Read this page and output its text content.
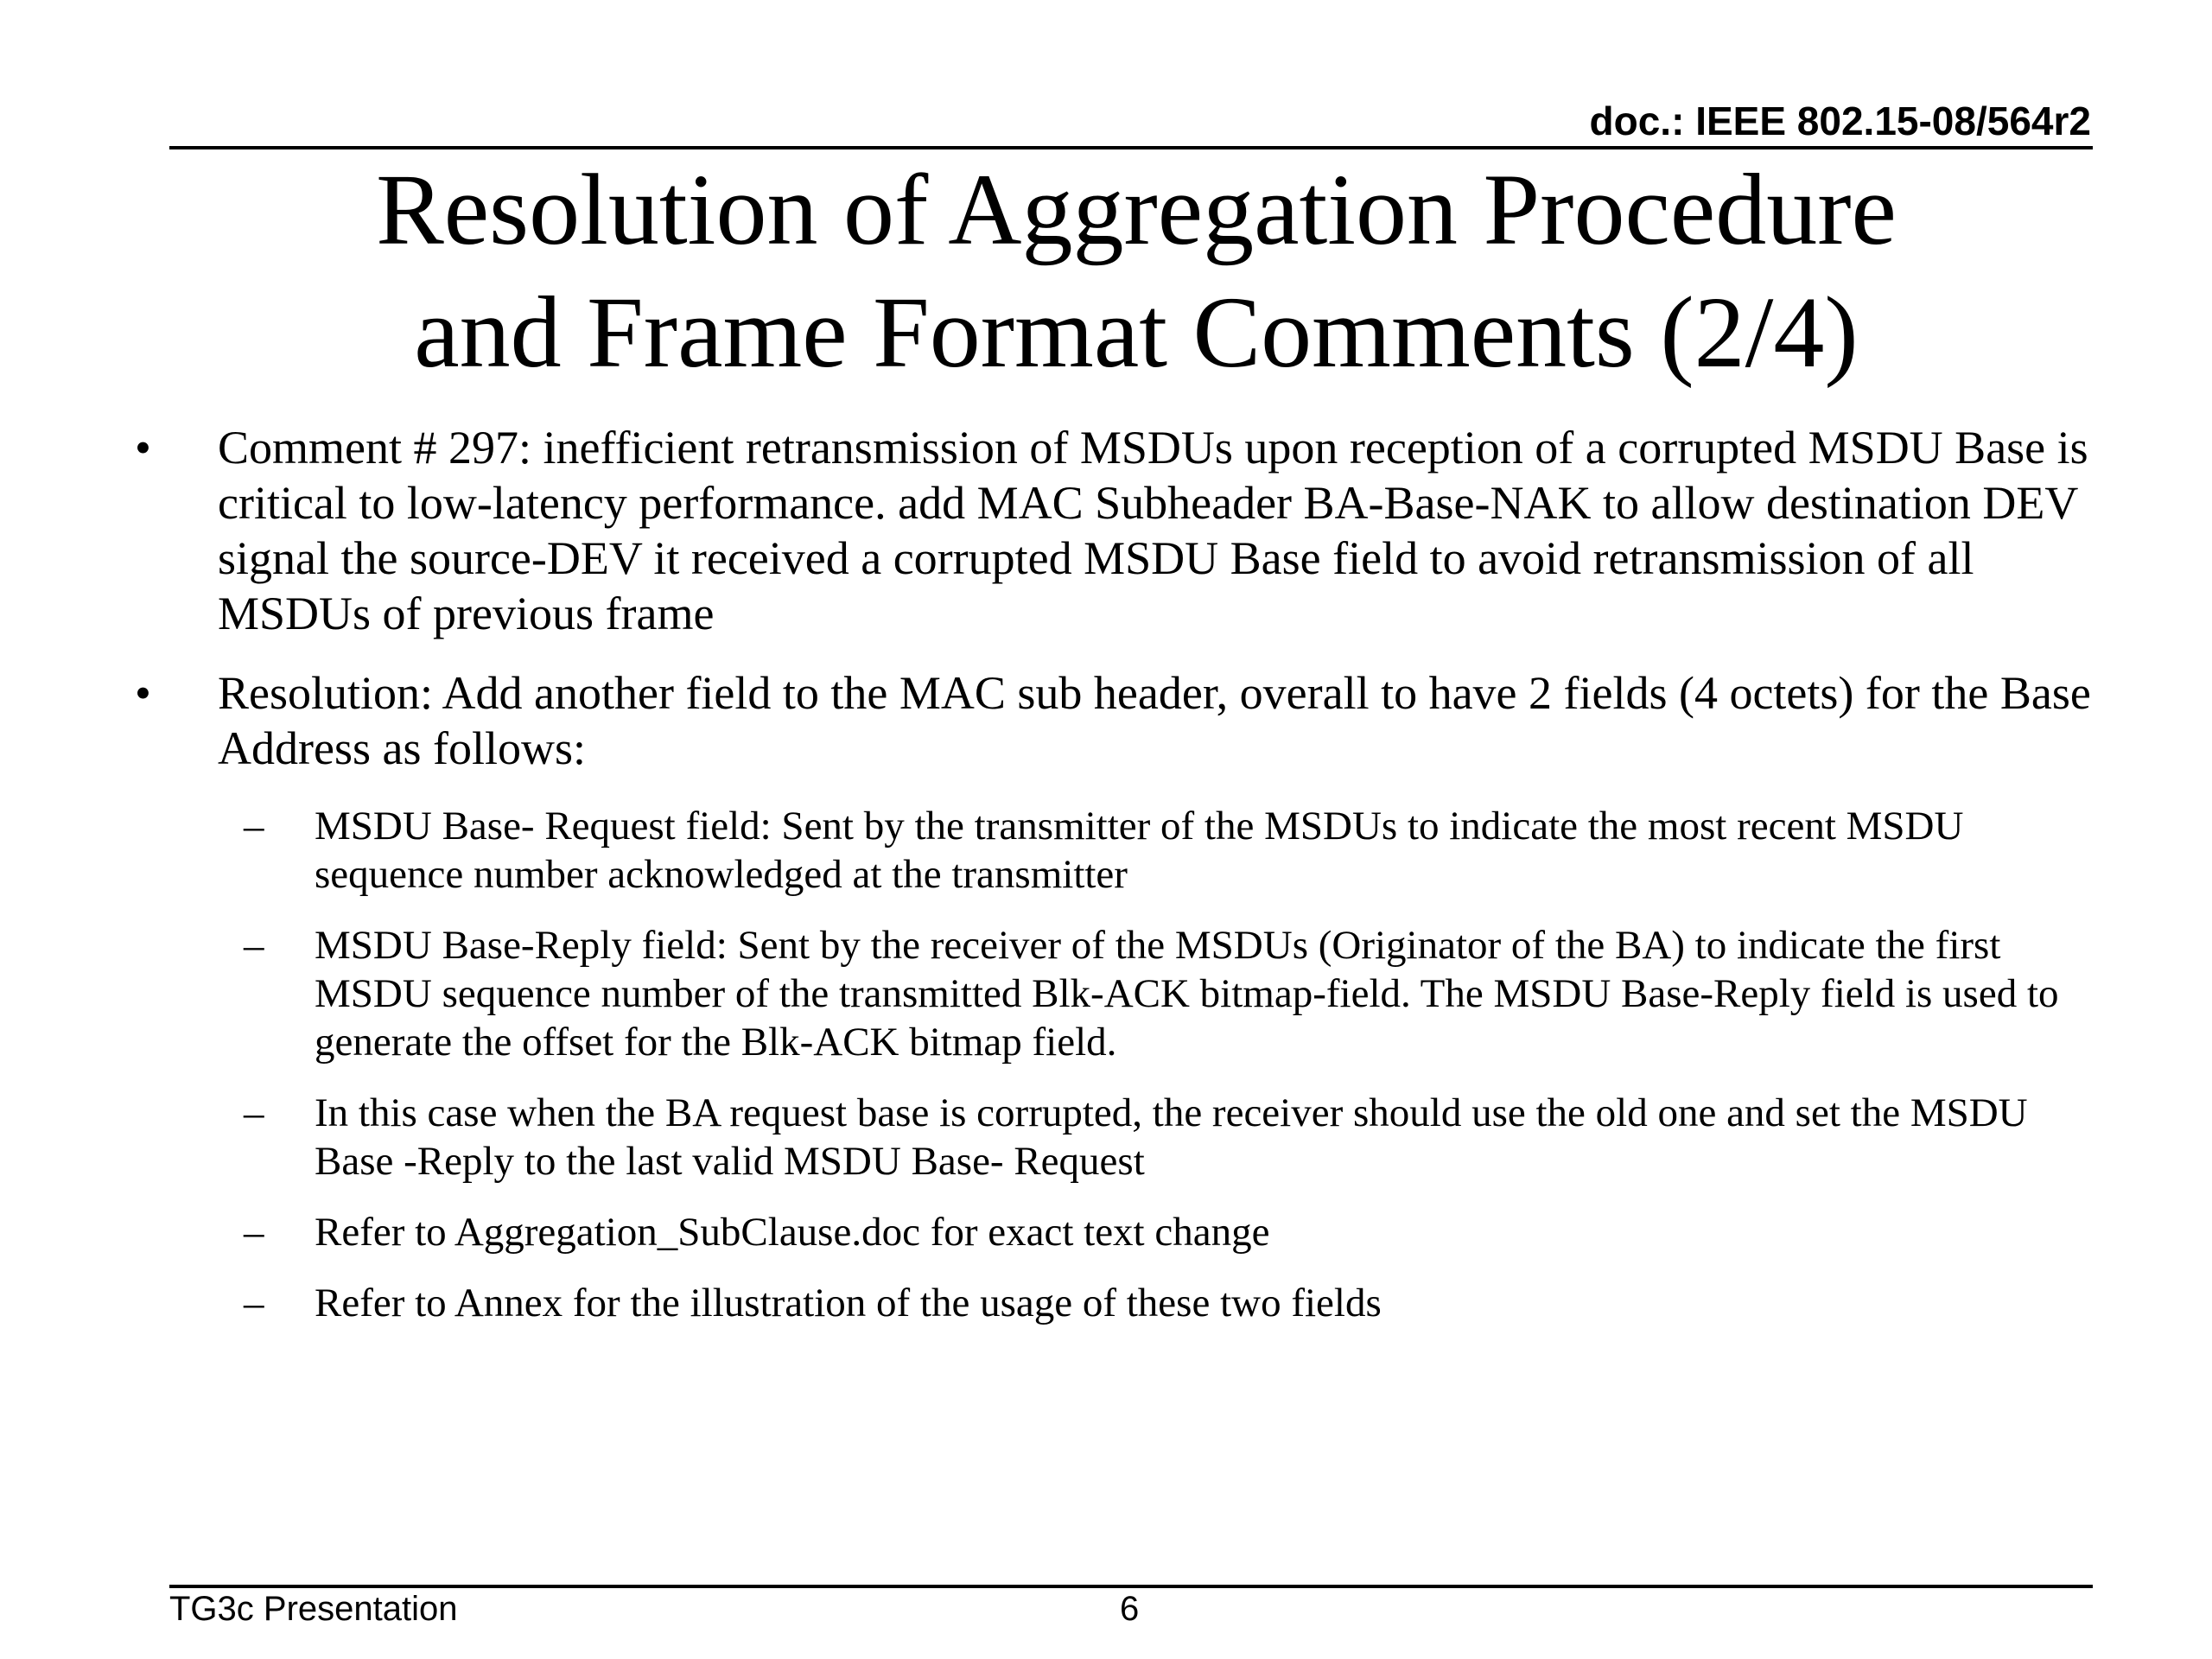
doc.: IEEE 802.15-08/564r2
Resolution of Aggregation Procedure
and Frame Format Comments (2/4)
• Comment # 297: inefficient retransmission of MSDUs upon reception of a corrupted MSDU Base is critical to low-latency performance. add MAC Subheader BA-Base-NAK to allow destination DEV signal the source-DEV it received a corrupted MSDU Base field to avoid retransmission of all MSDUs of previous frame
• Resolution: Add another field to the MAC sub header, overall to have 2 fields (4 octets) for the Base Address as follows:
– MSDU Base- Request field: Sent by the transmitter of the MSDUs to indicate the most recent MSDU sequence number acknowledged at the transmitter
– MSDU Base-Reply field: Sent by the receiver of the MSDUs (Originator of the BA) to indicate the first MSDU sequence number of the transmitted Blk-ACK bitmap-field. The MSDU Base-Reply field is used to generate the offset for the Blk-ACK bitmap field.
– In this case when the BA request base is corrupted, the receiver should use the old one and set the MSDU Base -Reply to the last valid MSDU Base- Request
– Refer to Aggregation_SubClause.doc for exact text change
– Refer to Annex for the illustration of the usage of these two fields
TG3c Presentation	6
